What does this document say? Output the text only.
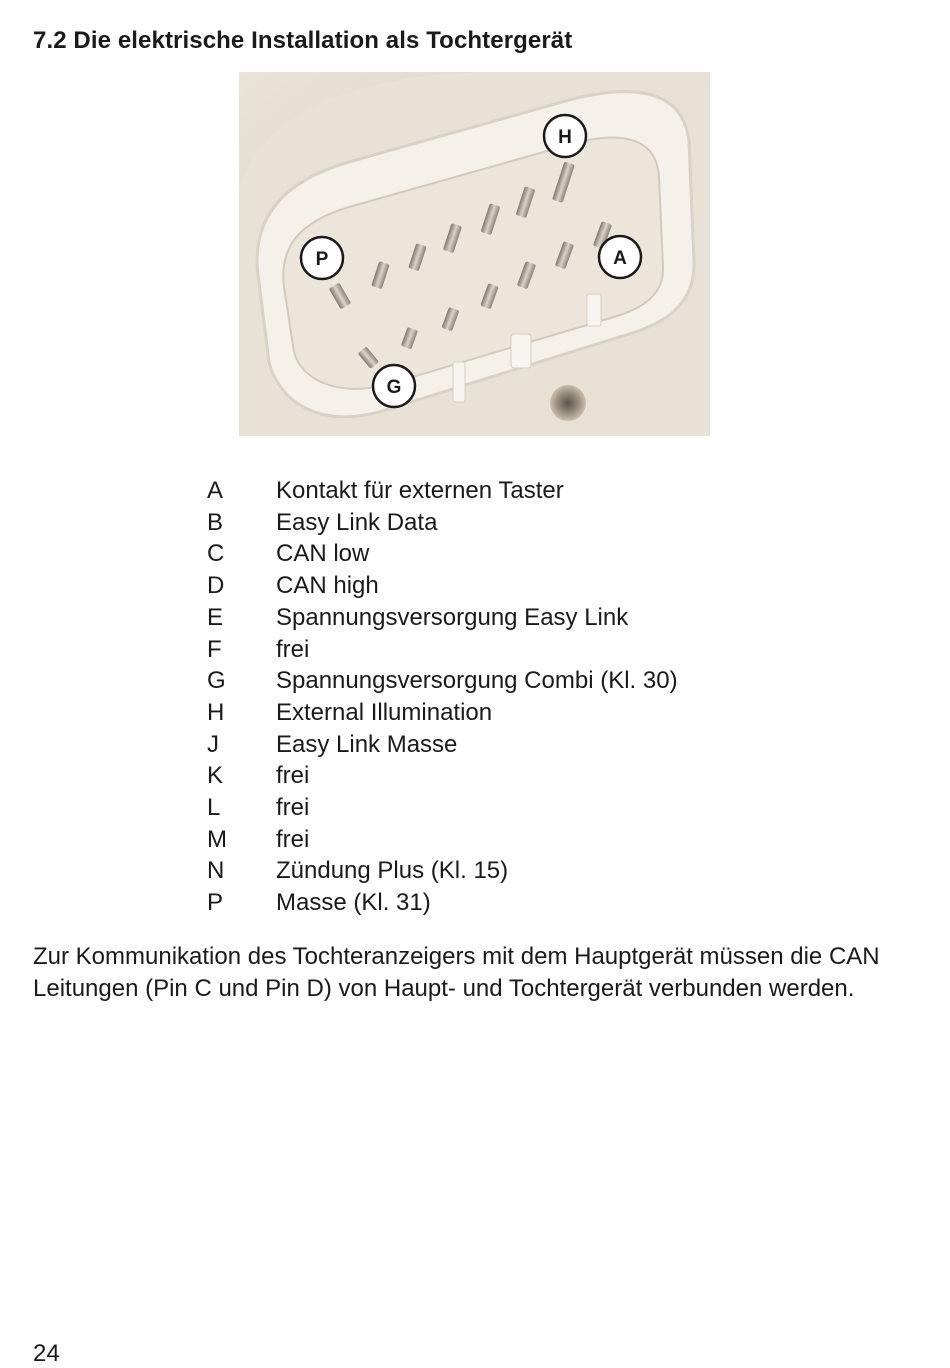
7.2 Die elektrische Installation als Tochtergerät
H
P	A
G
A	Kontakt für externen Taster
B	Easy Link Data
C	CAN low
D	CAN high
E	Spannungsversorgung Easy Link
F	frei
G	Spannungsversorgung Combi (Kl. 30)
H	External Illumination
J	Easy Link Masse
K	frei
L	frei
M	frei
N	Zündung Plus (Kl. 15)
P	Masse (Kl. 31)

Zur Kommunikation des Tochteranzeigers mit dem Hauptgerät müssen die CAN Leitungen (Pin C und Pin D) von Haupt- und Tochtergerät verbunden werden.

24
